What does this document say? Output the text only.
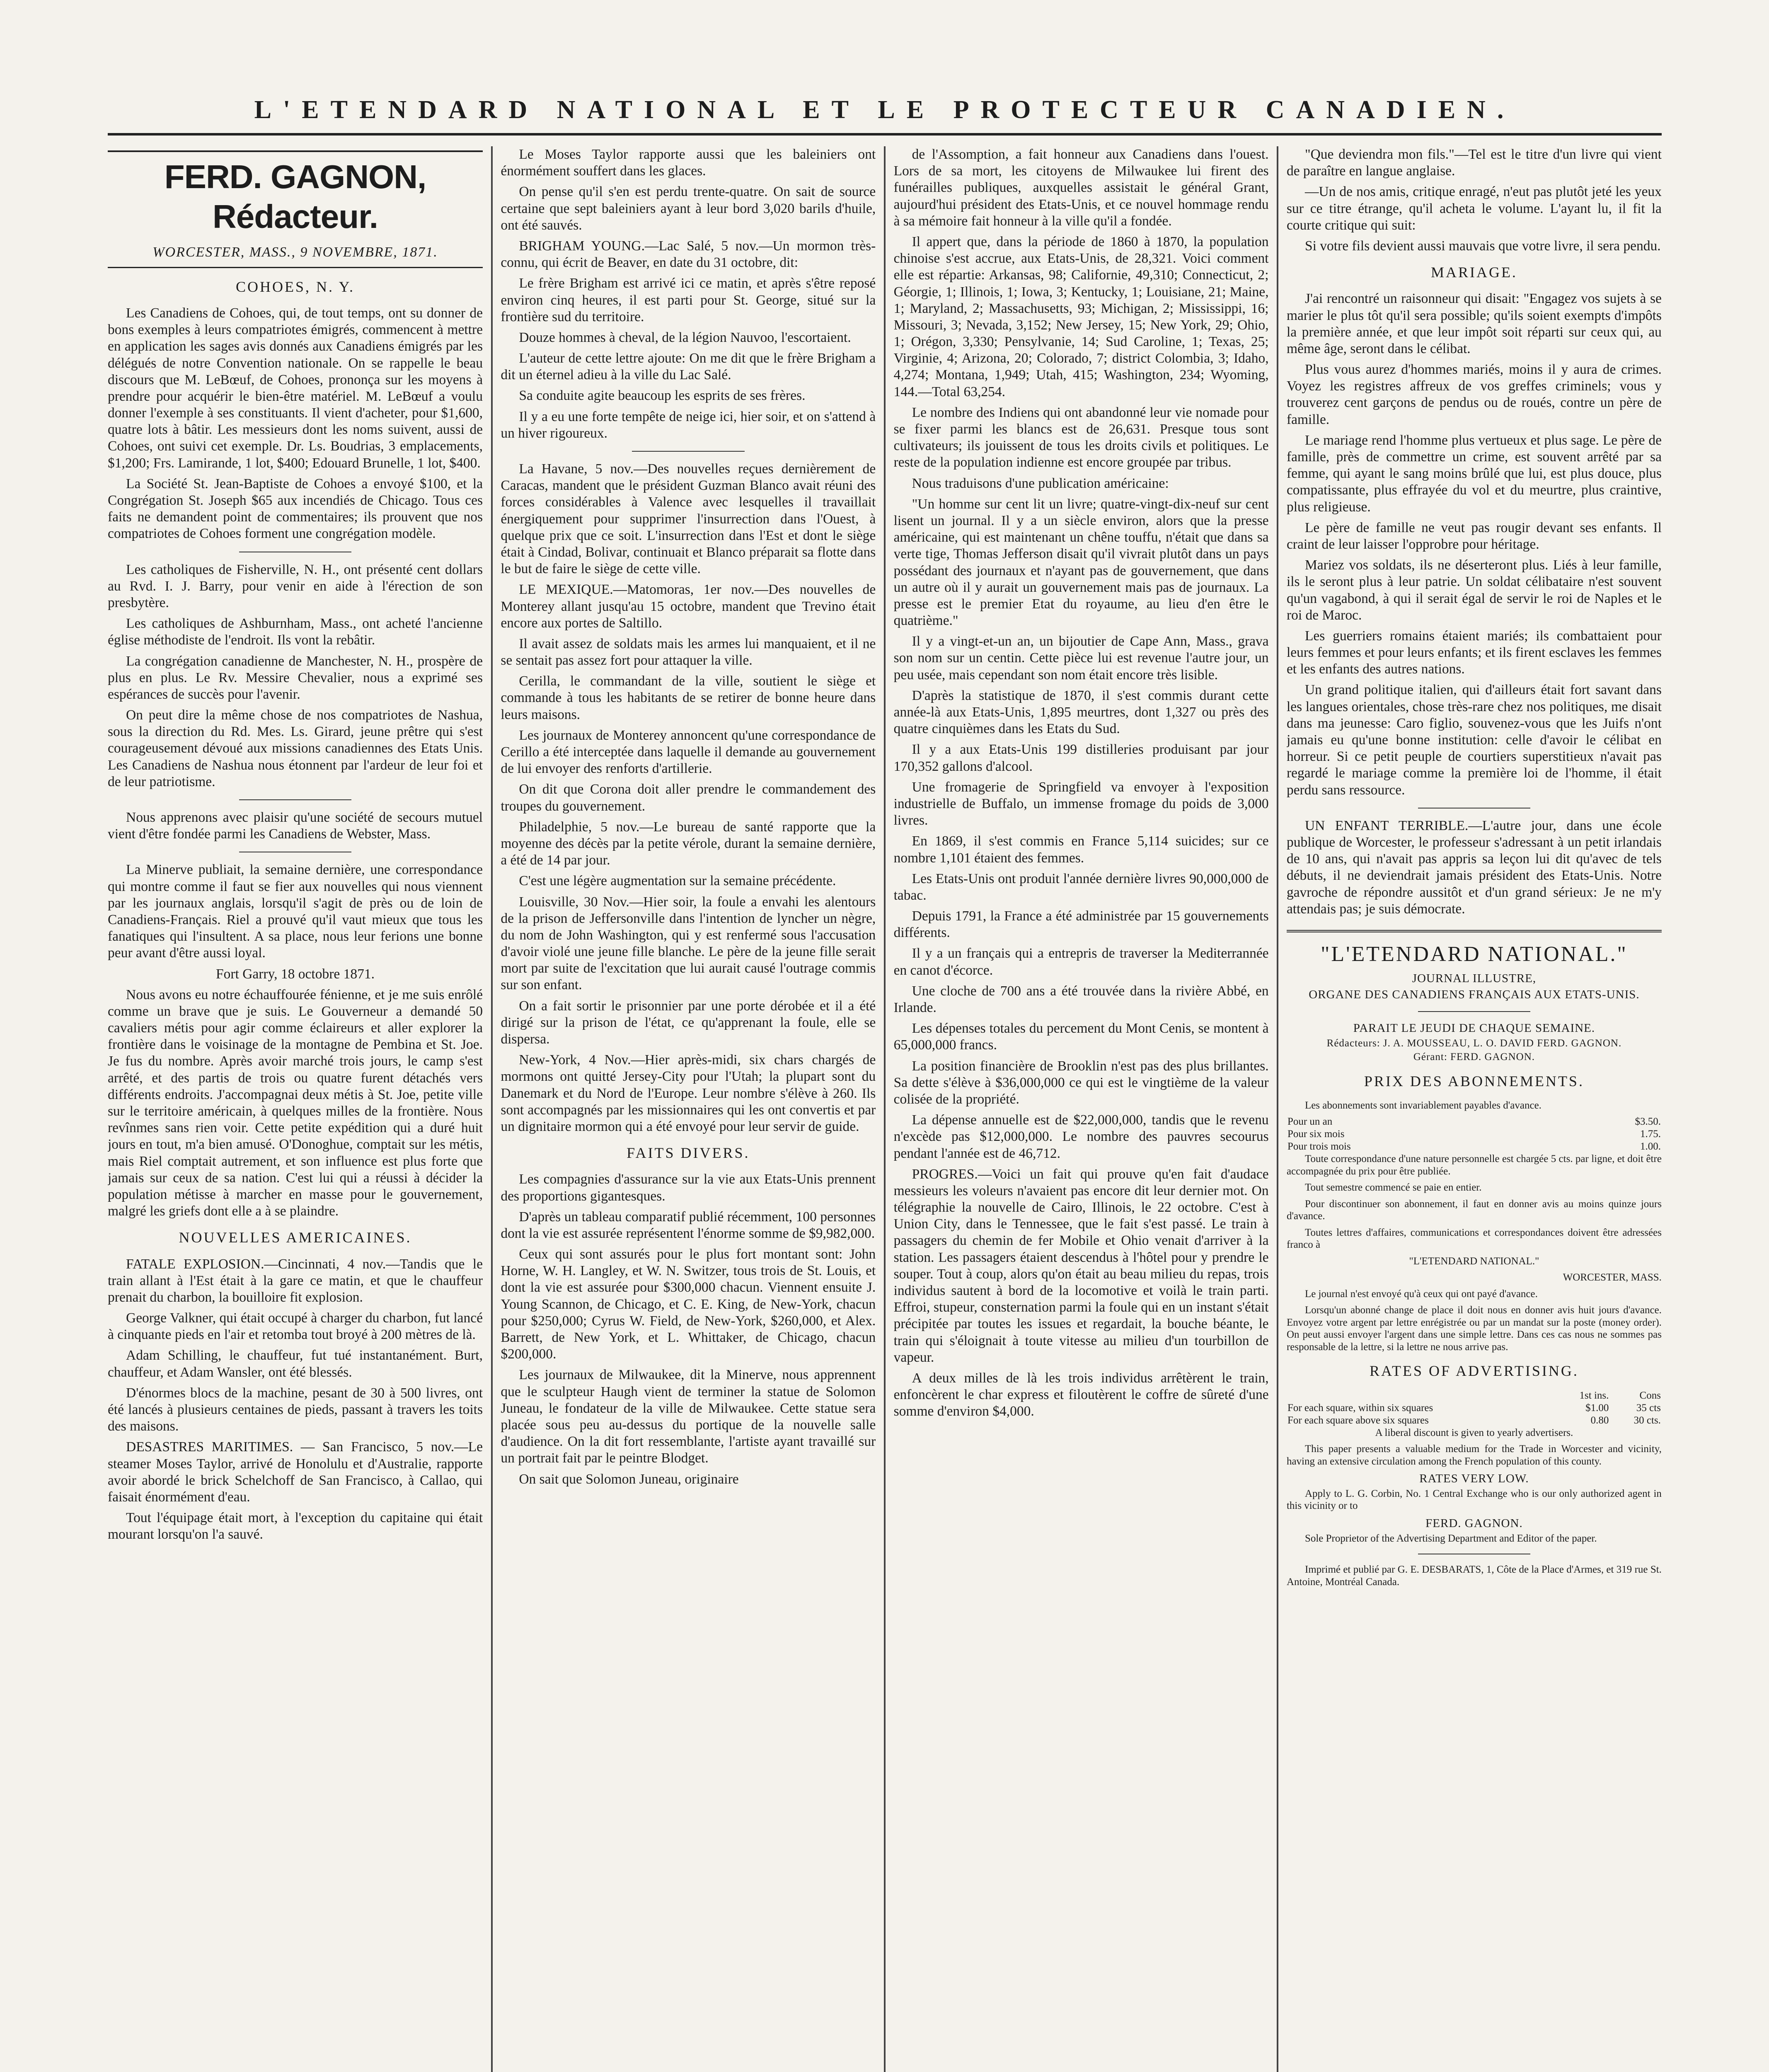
L'ETENDARD NATIONAL ET LE PROTECTEUR CANADIEN.
FERD. GAGNON, Rédacteur.
WORCESTER, MASS., 9 NOVEMBRE, 1871.
COHOES, N. Y.

Les Canadiens de Cohoes, qui, de tout temps, ont su donner de bons exemples à leurs compatriotes émigrés, commencent à mettre en application les sages avis donnés aux Canadiens émigrés par les délégués de notre Convention nationale. On se rappelle le beau discours que M. LeBœuf, de Cohoes, prononça sur les moyens à prendre pour acquérir le bien-être matériel. M. LeBœuf a voulu donner l'exemple à ses constituants. Il vient d'acheter, pour $1,600, quatre lots à bâtir. Les messieurs dont les noms suivent, aussi de Cohoes, ont suivi cet exemple. Dr. Ls. Boudrias, 3 emplacements, $1,200; Frs. Lamirande, 1 lot, $400; Edouard Brunelle, 1 lot, $400.

La Société St. Jean-Baptiste de Cohoes a envoyé $100, et la Congrégation St. Joseph $65 aux incendiés de Chicago. Tous ces faits ne demandent point de commentaires; ils prouvent que nos compatriotes de Cohoes forment une congrégation modèle.

Les catholiques de Fisherville, N. H., ont présenté cent dollars au Rvd. I. J. Barry, pour venir en aide à l'érection de son presbytère.

Les catholiques de Ashburnham, Mass., ont acheté l'ancienne église méthodiste de l'endroit. Ils vont la rebâtir.

La congrégation canadienne de Manchester, N. H., prospère de plus en plus. Le Rv. Messire Chevalier, nous a exprimé ses espérances de succès pour l'avenir.

On peut dire la même chose de nos compatriotes de Nashua, sous la direction du Rd. Mes. Ls. Girard, jeune prêtre qui s'est courageusement dévoué aux missions canadiennes des Etats Unis. Les Canadiens de Nashua nous étonnent par l'ardeur de leur foi et de leur patriotisme.

Nous apprenons avec plaisir qu'une société de secours mutuel vient d'être fondée parmi les Canadiens de Webster, Mass.

La Minerve publiait, la semaine dernière, une correspondance qui montre comme il faut se fier aux nouvelles qui nous viennent par les journaux anglais, lorsqu'il s'agit de près ou de loin de Canadiens-Français. Riel a prouvé qu'il vaut mieux que tous les fanatiques qui l'insultent. A sa place, nous leur ferions une bonne peur avant d'être aussi loyal.

Fort Garry, 18 octobre 1871.

Nous avons eu notre échauffourée fénienne, et je me suis enrôlé comme un brave que je suis. Le Gouverneur a demandé 50 cavaliers métis pour agir comme éclaireurs et aller explorer la frontière dans le voisinage de la montagne de Pembina et St. Joe. Je fus du nombre. Après avoir marché trois jours, le camp s'est arrêté, et des partis de trois ou quatre furent détachés vers différents endroits. J'accompagnai deux métis à St. Joe, petite ville sur le territoire américain, à quelques milles de la frontière. Nous revînmes sans rien voir. Cette petite expédition qui a duré huit jours en tout, m'a bien amusé. O'Donoghue, comptait sur les métis, mais Riel comptait autrement, et son influence est plus forte que jamais sur ceux de sa nation. C'est lui qui a réussi à décider la population métisse à marcher en masse pour le gouvernement, malgré les griefs dont elle a à se plaindre.

NOUVELLES AMERICAINES.

FATALE EXPLOSION.—Cincinnati, 4 nov.—Tandis que le train allant à l'Est était à la gare ce matin, et que le chauffeur prenait du charbon, la bouilloire fit explosion.

George Valkner, qui était occupé à charger du charbon, fut lancé à cinquante pieds en l'air et retomba tout broyé à 200 mètres de là.

Adam Schilling, le chauffeur, fut tué instantanément. Burt, chauffeur, et Adam Wansler, ont été blessés.

D'énormes blocs de la machine, pesant de 30 à 500 livres, ont été lancés à plusieurs centaines de pieds, passant à travers les toits des maisons.

DESASTRES MARITIMES. — San Francisco, 5 nov.—Le steamer Moses Taylor, arrivé de Honolulu et d'Australie, rapporte avoir abordé le brick Schelchoff de San Francisco, à Callao, qui faisait énormément d'eau.

Tout l'équipage était mort, à l'exception du capitaine qui était mourant lorsqu'on l'a sauvé.

Le Moses Taylor rapporte aussi que les baleiniers ont énormément souffert dans les glaces.

On pense qu'il s'en est perdu trente-quatre. On sait de source certaine que sept baleiniers ayant à leur bord 3,020 barils d'huile, ont été sauvés.

BRIGHAM YOUNG.—Lac Salé, 5 nov.—Un mormon très-connu, qui écrit de Beaver, en date du 31 octobre, dit:

Le frère Brigham est arrivé ici ce matin, et après s'être reposé environ cinq heures, il est parti pour St. George, situé sur la frontière sud du territoire.

Douze hommes à cheval, de la légion Nauvoo, l'escortaient.

L'auteur de cette lettre ajoute: On me dit que le frère Brigham a dit un éternel adieu à la ville du Lac Salé.

Sa conduite agite beaucoup les esprits de ses frères.

Il y a eu une forte tempête de neige ici, hier soir, et on s'attend à un hiver rigoureux.

La Havane, 5 nov.—Des nouvelles reçues dernièrement de Caracas, mandent que le président Guzman Blanco avait réuni des forces considérables à Valence avec lesquelles il travaillait énergiquement pour supprimer l'insurrection dans l'Ouest, à quelque prix que ce soit. L'insurrection dans l'Est et dont le siège était à Cindad, Bolivar, continuait et Blanco préparait sa flotte dans le but de faire le siège de cette ville.

LE MEXIQUE.—Matomoras, 1er nov.—Des nouvelles de Monterey allant jusqu'au 15 octobre, mandent que Trevino était encore aux portes de Saltillo.

Il avait assez de soldats mais les armes lui manquaient, et il ne se sentait pas assez fort pour attaquer la ville.

Cerilla, le commandant de la ville, soutient le siège et commande à tous les habitants de se retirer de bonne heure dans leurs maisons.

Les journaux de Monterey annoncent qu'une correspondance de Cerillo a été interceptée dans laquelle il demande au gouvernement de lui envoyer des renforts d'artillerie.

On dit que Corona doit aller prendre le commandement des troupes du gouvernement.

Philadelphie, 5 nov.—Le bureau de santé rapporte que la moyenne des décès par la petite vérole, durant la semaine dernière, a été de 14 par jour.

C'est une légère augmentation sur la semaine précédente.

Louisville, 30 Nov.—Hier soir, la foule a envahi les alentours de la prison de Jeffersonville dans l'intention de lyncher un nègre, du nom de John Washington, qui y est renfermé sous l'accusation d'avoir violé une jeune fille blanche. Le père de la jeune fille serait mort par suite de l'excitation que lui aurait causé l'outrage commis sur son enfant.

On a fait sortir le prisonnier par une porte dérobée et il a été dirigé sur la prison de l'état, ce qu'apprenant la foule, elle se dispersa.

New-York, 4 Nov.—Hier après-midi, six chars chargés de mormons ont quitté Jersey-City pour l'Utah; la plupart sont du Danemark et du Nord de l'Europe. Leur nombre s'élève à 260. Ils sont accompagnés par les missionnaires qui les ont convertis et par un dignitaire mormon qui a été envoyé pour leur servir de guide.

FAITS DIVERS.

Les compagnies d'assurance sur la vie aux Etats-Unis prennent des proportions gigantesques.

D'après un tableau comparatif publié récemment, 100 personnes dont la vie est assurée représentent l'énorme somme de $9,982,000.

Ceux qui sont assurés pour le plus fort montant sont: John Horne, W. H. Langley, et W. N. Switzer, tous trois de St. Louis, et dont la vie est assurée pour $300,000 chacun. Viennent ensuite J. Young Scannon, de Chicago, et C. E. King, de New-York, chacun pour $250,000; Cyrus W. Field, de New-York, $260,000, et Alex. Barrett, de New York, et L. Whittaker, de Chicago, chacun $200,000.

Les journaux de Milwaukee, dit la Minerve, nous apprennent que le sculpteur Haugh vient de terminer la statue de Solomon Juneau, le fondateur de la ville de Milwaukee. Cette statue sera placée sous peu au-dessus du portique de la nouvelle salle d'audience. On la dit fort ressemblante, l'artiste ayant travaillé sur un portrait fait par le peintre Blodget.

On sait que Solomon Juneau, originaire

de l'Assomption, a fait honneur aux Canadiens dans l'ouest. Lors de sa mort, les citoyens de Milwaukee lui firent des funérailles publiques, auxquelles assistait le général Grant, aujourd'hui président des Etats-Unis, et ce nouvel hommage rendu à sa mémoire fait honneur à la ville qu'il a fondée.

Il appert que, dans la période de 1860 à 1870, la population chinoise s'est accrue, aux Etats-Unis, de 28,321. Voici comment elle est répartie: Arkansas, 98; Californie, 49,310; Connecticut, 2; Géorgie, 1; Illinois, 1; Iowa, 3; Kentucky, 1; Louisiane, 21; Maine, 1; Maryland, 2; Massachusetts, 93; Michigan, 2; Mississippi, 16; Missouri, 3; Nevada, 3,152; New Jersey, 15; New York, 29; Ohio, 1; Orégon, 3,330; Pensylvanie, 14; Sud Caroline, 1; Texas, 25; Virginie, 4; Arizona, 20; Colorado, 7; district Colombia, 3; Idaho, 4,274; Montana, 1,949; Utah, 415; Washington, 234; Wyoming, 144.—Total 63,254.

Le nombre des Indiens qui ont abandonné leur vie nomade pour se fixer parmi les blancs est de 26,631. Presque tous sont cultivateurs; ils jouissent de tous les droits civils et politiques. Le reste de la population indienne est encore groupée par tribus.

Nous traduisons d'une publication américaine:

"Un homme sur cent lit un livre; quatre-vingt-dix-neuf sur cent lisent un journal. Il y a un siècle environ, alors que la presse américaine, qui est maintenant un chêne touffu, n'était que dans sa verte tige, Thomas Jefferson disait qu'il vivrait plutôt dans un pays possédant des journaux et n'ayant pas de gouvernement, que dans un autre où il y aurait un gouvernement mais pas de journaux. La presse est le premier Etat du royaume, au lieu d'en être le quatrième."

Il y a vingt-et-un an, un bijoutier de Cape Ann, Mass., grava son nom sur un centin. Cette pièce lui est revenue l'autre jour, un peu usée, mais cependant son nom était encore très lisible.

D'après la statistique de 1870, il s'est commis durant cette année-là aux Etats-Unis, 1,895 meurtres, dont 1,327 ou près des quatre cinquièmes dans les Etats du Sud.

Il y a aux Etats-Unis 199 distilleries produisant par jour 170,352 gallons d'alcool.

Une fromagerie de Springfield va envoyer à l'exposition industrielle de Buffalo, un immense fromage du poids de 3,000 livres.

En 1869, il s'est commis en France 5,114 suicides; sur ce nombre 1,101 étaient des femmes.

Les Etats-Unis ont produit l'année dernière livres 90,000,000 de tabac.

Depuis 1791, la France a été administrée par 15 gouvernements différents.

Il y a un français qui a entrepris de traverser la Mediterrannée en canot d'écorce.

Une cloche de 700 ans a été trouvée dans la rivière Abbé, en Irlande.

Les dépenses totales du percement du Mont Cenis, se montent à 65,000,000 francs.

La position financière de Brooklin n'est pas des plus brillantes. Sa dette s'élève à $36,000,000 ce qui est le vingtième de la valeur colisée de la propriété.

La dépense annuelle est de $22,000,000, tandis que le revenu n'excède pas $12,000,000. Le nombre des pauvres secourus pendant l'année est de 46,712.

PROGRES.—Voici un fait qui prouve qu'en fait d'audace messieurs les voleurs n'avaient pas encore dit leur dernier mot. On télégraphie la nouvelle de Cairo, Illinois, le 22 octobre. C'est à Union City, dans le Tennessee, que le fait s'est passé. Le train à passagers du chemin de fer Mobile et Ohio venait d'arriver à la station. Les passagers étaient descendus à l'hôtel pour y prendre le souper. Tout à coup, alors qu'on était au beau milieu du repas, trois individus sautent à bord de la locomotive et voilà le train parti. Effroi, stupeur, consternation parmi la foule qui en un instant s'était précipitée par toutes les issues et regardait, la bouche béante, le train qui s'éloignait à toute vitesse au milieu d'un tourbillon de vapeur.

A deux milles de là les trois individus arrêtèrent le train, enfoncèrent le char express et filoutèrent le coffre de sûreté d'une somme d'environ $4,000.

"Que deviendra mon fils."—Tel est le titre d'un livre qui vient de paraître en langue anglaise.

—Un de nos amis, critique enragé, n'eut pas plutôt jeté les yeux sur ce titre étrange, qu'il acheta le volume. L'ayant lu, il fit la courte critique qui suit:

Si votre fils devient aussi mauvais que votre livre, il sera pendu.

MARIAGE.

J'ai rencontré un raisonneur qui disait: "Engagez vos sujets à se marier le plus tôt qu'il sera possible; qu'ils soient exempts d'impôts la première année, et que leur impôt soit réparti sur ceux qui, au même âge, seront dans le célibat.

Plus vous aurez d'hommes mariés, moins il y aura de crimes. Voyez les registres affreux de vos greffes criminels; vous y trouverez cent garçons de pendus ou de roués, contre un père de famille.

Le mariage rend l'homme plus vertueux et plus sage. Le père de famille, près de commettre un crime, est souvent arrêté par sa femme, qui ayant le sang moins brûlé que lui, est plus douce, plus compatissante, plus effrayée du vol et du meurtre, plus craintive, plus religieuse.

Le père de famille ne veut pas rougir devant ses enfants. Il craint de leur laisser l'opprobre pour héritage.

Mariez vos soldats, ils ne déserteront plus. Liés à leur famille, ils le seront plus à leur patrie. Un soldat célibataire n'est souvent qu'un vagabond, à qui il serait égal de servir le roi de Naples et le roi de Maroc.

Les guerriers romains étaient mariés; ils combattaient pour leurs femmes et pour leurs enfants; et ils firent esclaves les femmes et les enfants des autres nations.

Un grand politique italien, qui d'ailleurs était fort savant dans les langues orientales, chose très-rare chez nos politiques, me disait dans ma jeunesse: Caro figlio, souvenez-vous que les Juifs n'ont jamais eu qu'une bonne institution: celle d'avoir le célibat en horreur. Si ce petit peuple de courtiers superstitieux n'avait pas regardé le mariage comme la première loi de l'homme, il était perdu sans ressource.

UN ENFANT TERRIBLE.—L'autre jour, dans une école publique de Worcester, le professeur s'adressant à un petit irlandais de 10 ans, qui n'avait pas appris sa leçon lui dit qu'avec de tels débuts, il ne deviendrait jamais président des Etats-Unis. Notre gavroche de répondre aussitôt et d'un grand sérieux: Je ne m'y attendais pas; je suis démocrate.

"L'ETENDARD NATIONAL."
JOURNAL ILLUSTRE,
ORGANE DES CANADIENS FRANÇAIS AUX ETATS-UNIS.
PARAIT LE JEUDI DE CHAQUE SEMAINE.
Rédacteurs: J. A. MOUSSEAU, L. O. DAVID FERD. GAGNON.
Gérant: FERD. GAGNON.
PRIX DES ABONNEMENTS.

Les abonnements sont invariablement payables d'avance.

Pour un an	$3.50.
Pour six mois	1.75.
Pour trois mois	1.00.

Toute correspondance d'une nature personnelle est chargée 5 cts. par ligne, et doit être accompagnée du prix pour être publiée.

Tout semestre commencé se paie en entier.

Pour discontinuer son abonnement, il faut en donner avis au moins quinze jours d'avance.

Toutes lettres d'affaires, communications et correspondances doivent être adressées franco à

"L'ETENDARD NATIONAL."

WORCESTER, MASS.

Le journal n'est envoyé qu'à ceux qui ont payé d'avance.

Lorsqu'un abonné change de place il doit nous en donner avis huit jours d'avance. Envoyez votre argent par lettre enrégistrée ou par un mandat sur la poste (money order). On peut aussi envoyer l'argent dans une simple lettre. Dans ces cas nous ne sommes pas responsable de la lettre, si la lettre ne nous arrive pas.

RATES OF ADVERTISING.
	1st ins.	Cons
For each square, within six squares	$1.00	35 cts
For each square above six squares	0.80	30 cts.

A liberal discount is given to yearly advertisers.

This paper presents a valuable medium for the Trade in Worcester and vicinity, having an extensive circulation among the French population of this county.

RATES VERY LOW.

Apply to L. G. Corbin, No. 1 Central Exchange who is our only authorized agent in this vicinity or to

FERD. GAGNON.

Sole Proprietor of the Advertising Department and Editor of the paper.

Imprimé et publié par G. E. DESBARATS, 1, Côte de la Place d'Armes, et 319 rue St. Antoine, Montréal Canada.
